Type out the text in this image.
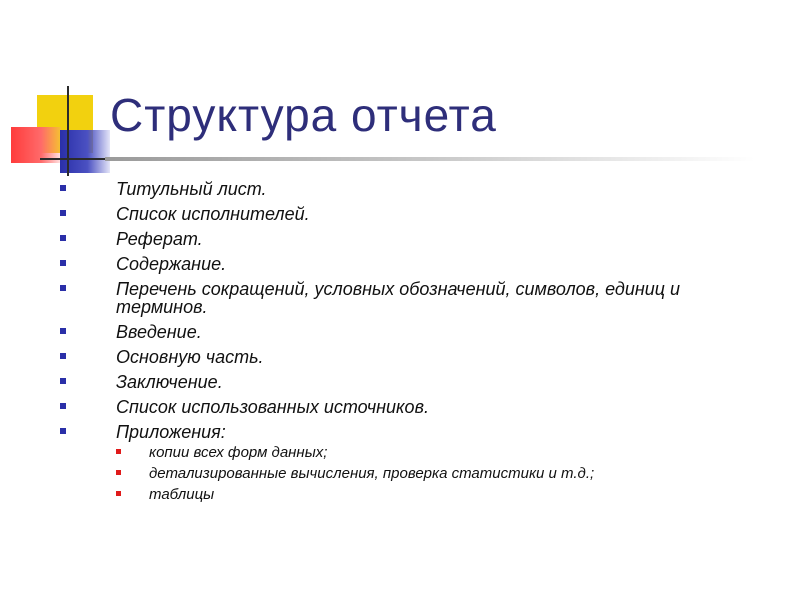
Структура отчета
Титульный лист.
Список исполнителей.
Реферат.
Содержание.
Перечень сокращений, условных обозначений, символов, единиц и терминов.
Введение.
Основную часть.
Заключение.
Список использованных источников.
Приложения:
копии всех форм данных;
детализированные вычисления, проверка статистики и т.д.;
таблицы
